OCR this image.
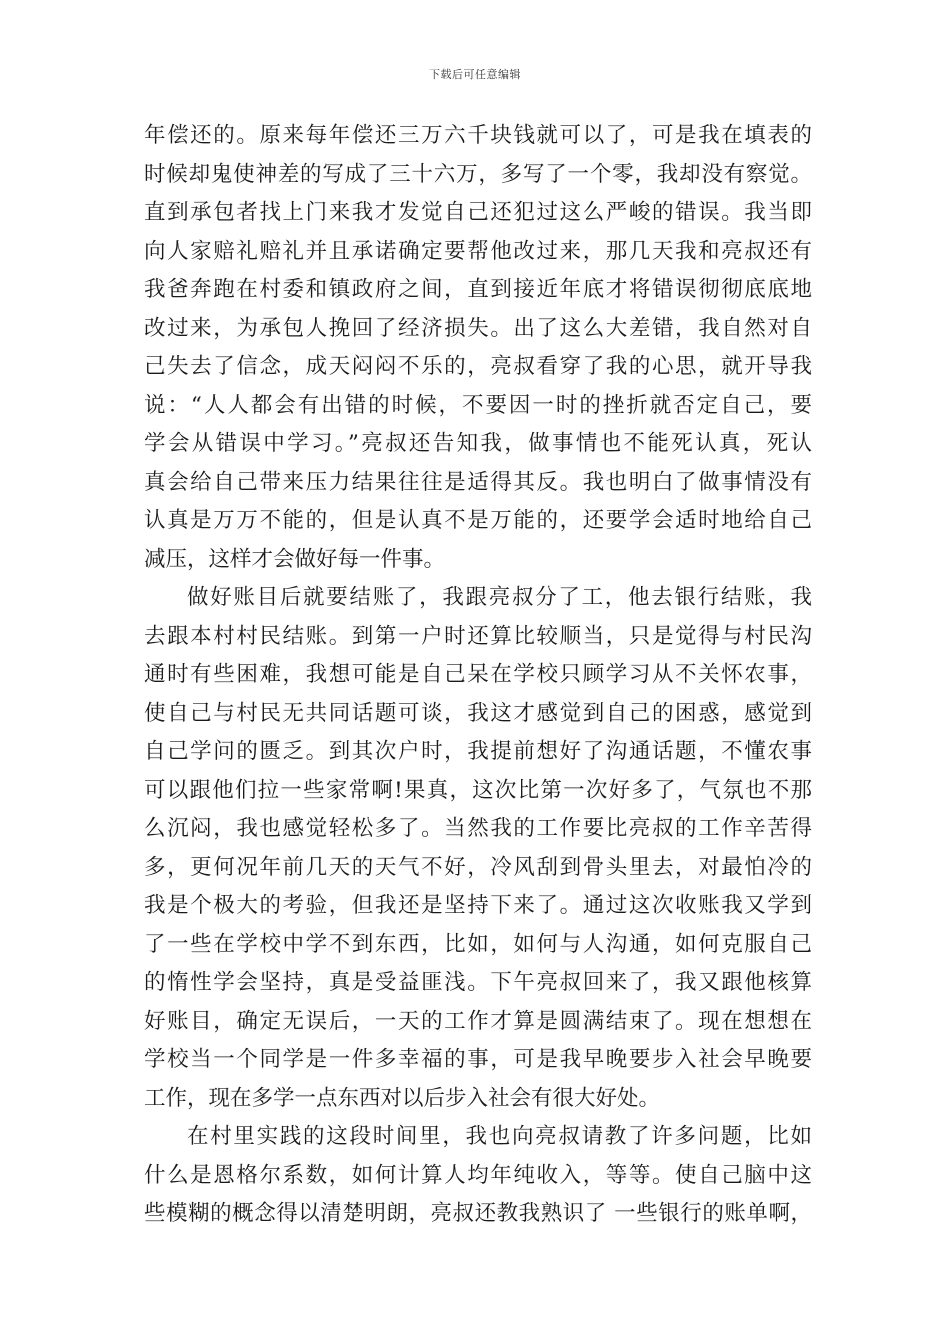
下载后可任意编辑
年偿还的。原来每年偿还三万六千块钱就可以了，可是我在填表的
时候却鬼使神差的写成了三十六万，多写了一个零，我却没有察觉。
直到承包者找上门来我才发觉自己还犯过这么严峻的错误。我当即
向人家赔礼赔礼并且承诺确定要帮他改过来，那几天我和亮叔还有
我爸奔跑在村委和镇政府之间，直到接近年底才将错误彻彻底底地
改过来，为承包人挽回了经济损失。出了这么大差错，我自然对自
己失去了信念，成天闷闷不乐的，亮叔看穿了我的心思，就开导我
说：“人人都会有出错的时候，不要因一时的挫折就否定自己，要
学会从错误中学习。”亮叔还告知我，做事情也不能死认真，死认
真会给自己带来压力结果往往是适得其反。我也明白了做事情没有
认真是万万不能的，但是认真不是万能的，还要学会适时地给自己
减压，这样才会做好每一件事。
做好账目后就要结账了，我跟亮叔分了工，他去银行结账，我
去跟本村村民结账。到第一户时还算比较顺当，只是觉得与村民沟
通时有些困难，我想可能是自己呆在学校只顾学习从不关怀农事，
使自己与村民无共同话题可谈，我这才感觉到自己的困惑，感觉到
自己学问的匮乏。到其次户时，我提前想好了沟通话题，不懂农事
可以跟他们拉一些家常啊!果真，这次比第一次好多了，气氛也不那
么沉闷，我也感觉轻松多了。当然我的工作要比亮叔的工作辛苦得
多，更何况年前几天的天气不好，冷风刮到骨头里去，对最怕冷的
我是个极大的考验，但我还是坚持下来了。通过这次收账我又学到
了一些在学校中学不到东西，比如，如何与人沟通，如何克服自己
的惰性学会坚持，真是受益匪浅。下午亮叔回来了，我又跟他核算
好账目，确定无误后，一天的工作才算是圆满结束了。现在想想在
学校当一个同学是一件多幸福的事，可是我早晚要步入社会早晚要
工作，现在多学一点东西对以后步入社会有很大好处。
在村里实践的这段时间里，我也向亮叔请教了许多问题，比如
什么是恩格尔系数，如何计算人均年纯收入，等等。使自己脑中这
些模糊的概念得以清楚明朗，亮叔还教我熟识了 一些银行的账单啊，
